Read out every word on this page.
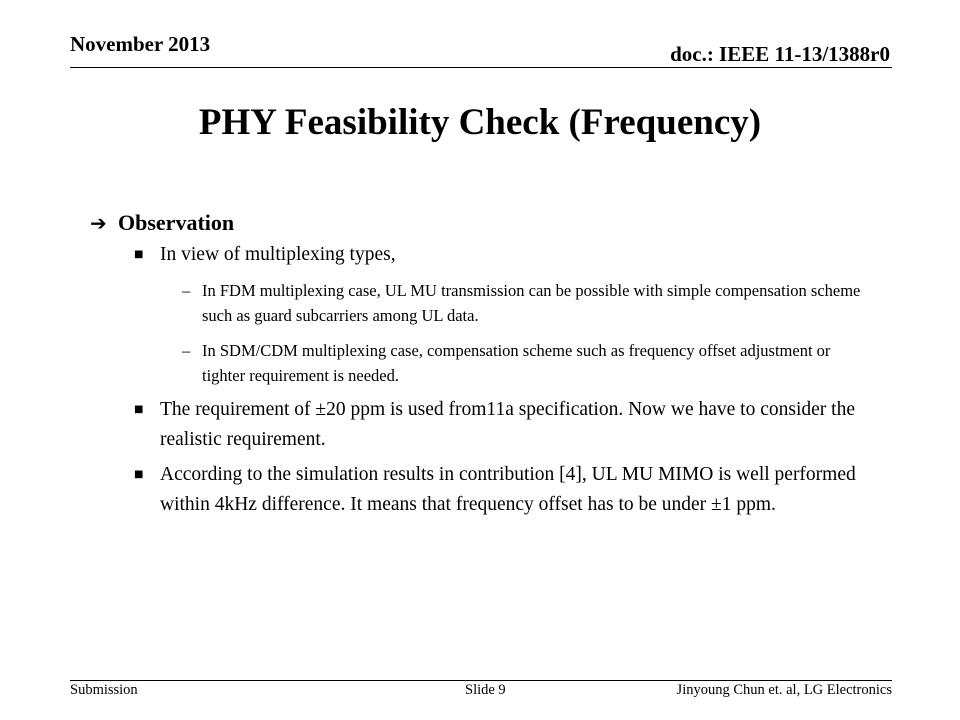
November 2013	doc.: IEEE 11-13/1388r0
PHY Feasibility Check (Frequency)
➔ Observation
■ In view of multiplexing types,
– In FDM multiplexing case, UL MU transmission can be possible with simple compensation scheme such as guard subcarriers among UL data.
– In SDM/CDM multiplexing case, compensation scheme such as frequency offset adjustment or tighter requirement is needed.
■ The requirement of ±20 ppm is used from11a specification. Now we have to consider the realistic requirement.
■ According to the simulation results in contribution [4], UL MU MIMO is well performed within 4kHz difference. It means that frequency offset has to be under ±1 ppm.
Submission	Slide 9	Jinyoung Chun et. al, LG Electronics
